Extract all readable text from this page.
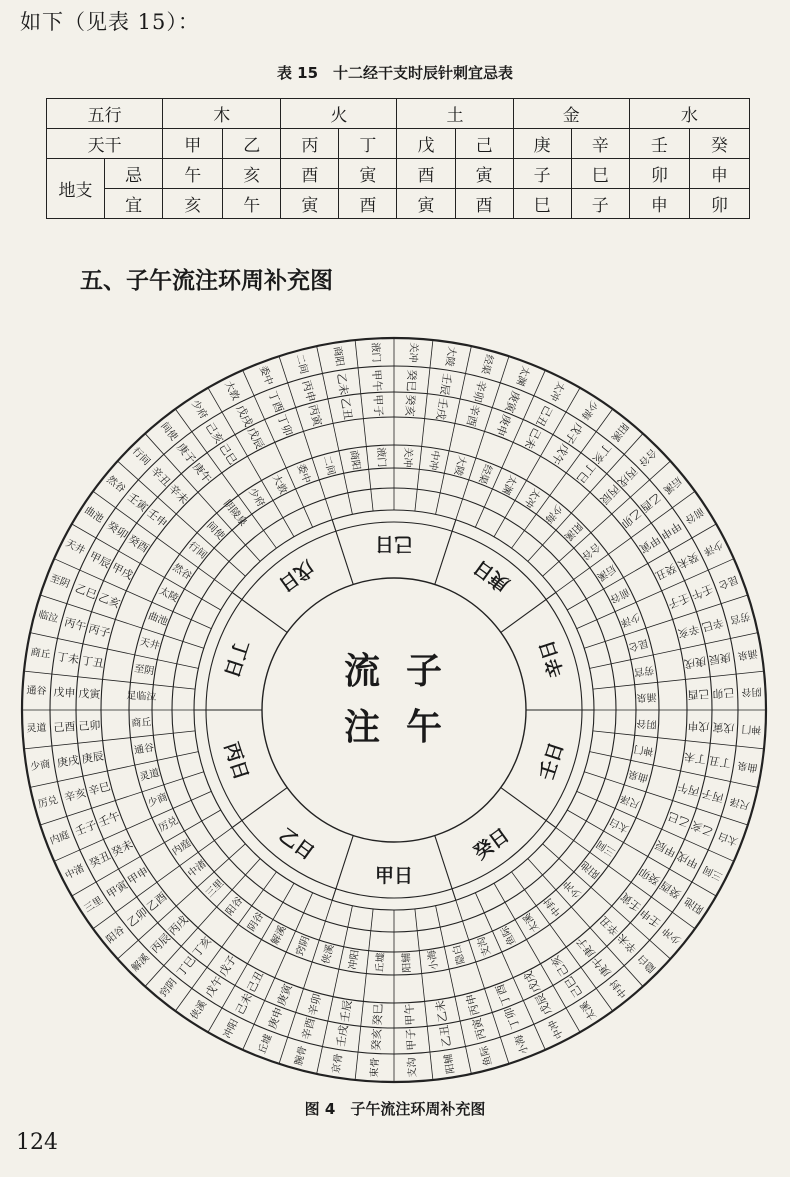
如下（见表 15）：
表 15　十二经干支时辰针刺宜忌表
五行		木		火		土		金		水	
天干		甲	乙	丙	丁	戊	己	庚	辛	壬	癸
地支	忌	午	亥	酉	寅	酉	寅	子	巳	卯	申
	宜	亥	午	寅	酉	寅	酉	巳	子	申	卯
五、子午流注环周补充图
支沟
甲子
甲午
阳辅
阳辅
乙丑
乙未
小海
鱼际
丙寅
丙申
隐白
小海
丁卯
丁酉
支沟
中冲
戊辰
戊戌
鱼际
太溪
己巳
己亥
太溪
中封
庚午
庚子
中封
隐白
辛未
辛丑
少冲
少冲
壬申
壬寅
阳池
阳池
癸酉
癸卯
三间
三间
甲戌
甲辰
太白
太白
乙亥
乙巳
尺泽	尺泽
丙子
丙午
曲泉
曲泉
丁丑
丁未
神门
神门
戊寅
戊申
阴谷
阴谷
己卯
己酉
涌泉
涌泉
庚辰
庚戌
劳宫
劳宫
辛巳
辛亥
昆仑
昆仑
壬午
壬子
少泽
少泽
癸未
癸丑
前谷
前谷
甲申
甲寅
后溪
后溪
乙酉
乙卯
合谷
合谷
丙戌
丙辰
阳溪
阳溪
丁亥
丁巳
少海
少海
戊子
戊午
太冲
太冲
己丑
己未
太渊
太渊
庚寅
庚申
经渠
经渠
辛卯
辛酉
大陵
大陵
壬辰
壬戌
中冲
关冲
癸巳
癸亥
关冲
液门
甲午
甲子
液门
商阳
乙未
乙丑
商阳
二间
丙申
丙寅
二间
委中
丁酉
丁卯
委中
大敦
戊戌
戊辰
大敦
少府
己亥
己巳
少府
间使
庚子
庚午
阴陵泉
行间
辛丑
辛未
间使
然谷
壬寅
壬申
行间
曲池
癸卯
癸酉
然谷
天井
甲辰
甲戌
太陵
至阴
乙巳
乙亥
曲池
临泣 丙午 丙子
天井
商丘 丁未 丁丑	至阴
通谷 戊申 戊寅	足临泣
灵道 己酉 己卯	商丘
少商 庚戌 庚辰	通谷
厉兑 辛亥 辛巳
灵道
内庭
壬子
壬午
少商
中渚
癸丑
癸未
厉兑
三里
甲寅
甲申
内庭
阳谷
乙卯
乙酉
中渚
解溪
丙辰
丙戌
三里
窍阴
丁巳
丁亥
阳谷
侠溪
戊午
戊子
阴谷
冲阳
己未
己丑
解溪
丘墟
庚申
庚寅
窍阴
腕骨
辛酉
辛卯
侠溪
京骨
壬戌
壬辰
冲阳
束骨
癸亥
癸巳
丘墟
甲日
癸日
壬日
辛日
庚日
己日
戊日
丁日
丙日
乙日
流 子
注 午
图 4　子午流注环周补充图
124
